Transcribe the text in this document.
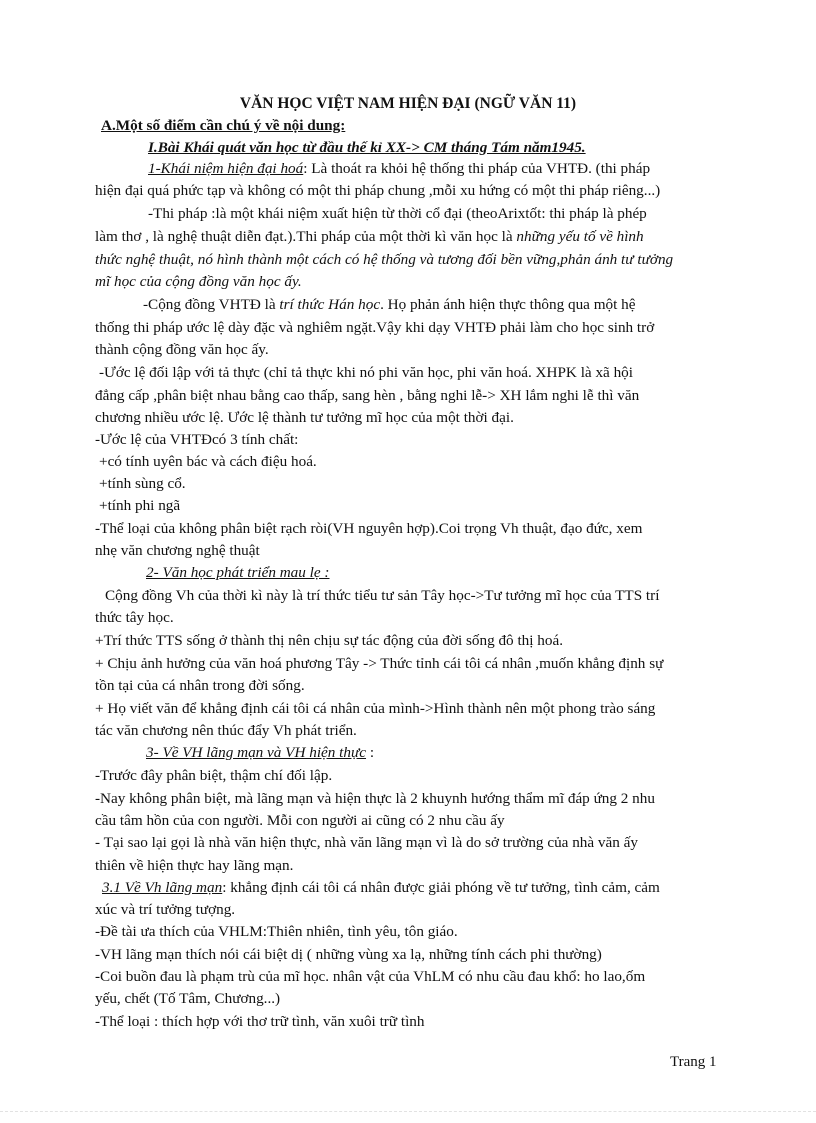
VĂN HỌC VIỆT NAM HIỆN ĐẠI (NGỮ VĂN 11)
A.Một số điểm cần chú ý về nội dung:
I.Bài Khái quát văn học từ đầu thế kỉ XX-> CM tháng Tám năm1945.
1-Khái niệm hiện đại hoá: Là thoát ra khỏi hệ thống thi pháp của VHTĐ. (thi pháp
hiện đại quá phức tạp và không có một thi pháp chung ,mỗi xu hứng có một thi pháp riêng...)
-Thi pháp :là một khái niệm xuất hiện từ thời cổ đại (theoArixtốt: thi pháp là phép
làm thơ , là nghệ thuật diễn đạt.).Thi pháp của một thời kì văn học là những yếu tố về hình
thức nghệ thuật, nó hình thành một cách có hệ thống và tương đối bền vững,phản ánh tư tưởng
mĩ học của cộng đồng văn học ấy.
-Cộng đồng VHTĐ là trí thức Hán học. Họ phản ánh hiện thực thông qua một hệ
thống thi pháp ước lệ dày đặc và nghiêm ngặt.Vậy khi dạy VHTĐ phải làm cho học sinh trở
thành cộng đồng văn học ấy.
-Ước lệ đối lập với tả thực (chỉ tả thực khi nó phi văn học, phi văn hoá. XHPK là xã hội
đẳng cấp ,phân biệt nhau bằng cao thấp, sang hèn , bằng nghi lễ-> XH lắm nghi lễ thì văn
chương nhiều ước lệ. Ước lệ thành tư tưởng mĩ học của một thời đại.
-Ước lệ của VHTĐcó 3 tính chất:
+có tính uyên bác và cách điệu hoá.
+tính sùng cổ.
+tính phi ngã
-Thể loại của không phân biệt rạch ròi(VH nguyên hợp).Coi trọng Vh thuật, đạo đức, xem
nhẹ văn chương nghệ thuật
2- Văn học phát triển mau lẹ :
Cộng đồng Vh của thời kì này là trí thức tiểu tư sản Tây học->Tư tưởng mĩ học của TTS trí
thức tây học.
+Trí thức TTS sống ở thành thị nên chịu sự tác động của đời sống đô thị hoá.
+ Chịu ảnh hưởng của văn hoá phương Tây -> Thức tỉnh cái tôi cá nhân ,muốn khẳng định sự
tồn tại của cá nhân trong đời sống.
+ Họ viết văn để khẳng định cái tôi cá nhân của mình->Hình thành nên một phong trào sáng
tác văn chương nên thúc đẩy Vh phát triển.
3- Về VH lãng mạn và VH hiện thực :
-Trước đây phân biệt, thậm chí đối lập.
-Nay không phân biệt, mà lãng mạn và hiện thực là 2 khuynh hướng thẩm mĩ đáp ứng 2 nhu
cầu tâm hồn của con người. Mỗi con người ai cũng có 2 nhu cầu ấy
- Tại sao lại gọi là nhà văn hiện thực, nhà văn lãng mạn vì là do sở trường của nhà văn ấy
thiên về hiện thực hay lãng mạn.
3.1 Về Vh lãng mạn: khẳng định cái tôi cá nhân được giải phóng về tư tưởng, tình cảm, cảm
xúc và trí tưởng tượng.
-Đề tài ưa thích của VHLM:Thiên nhiên, tình yêu, tôn giáo.
-VH lãng mạn thích nói cái biệt dị ( những vùng xa lạ, những tính cách phi thường)
-Coi buồn đau là phạm trù của mĩ học. nhân vật của VhLM có nhu cầu đau khổ: ho lao,ốm
yếu, chết (Tố Tâm, Chương...)
-Thể loại : thích hợp với thơ trữ tình, văn xuôi trữ tình
Trang 1
